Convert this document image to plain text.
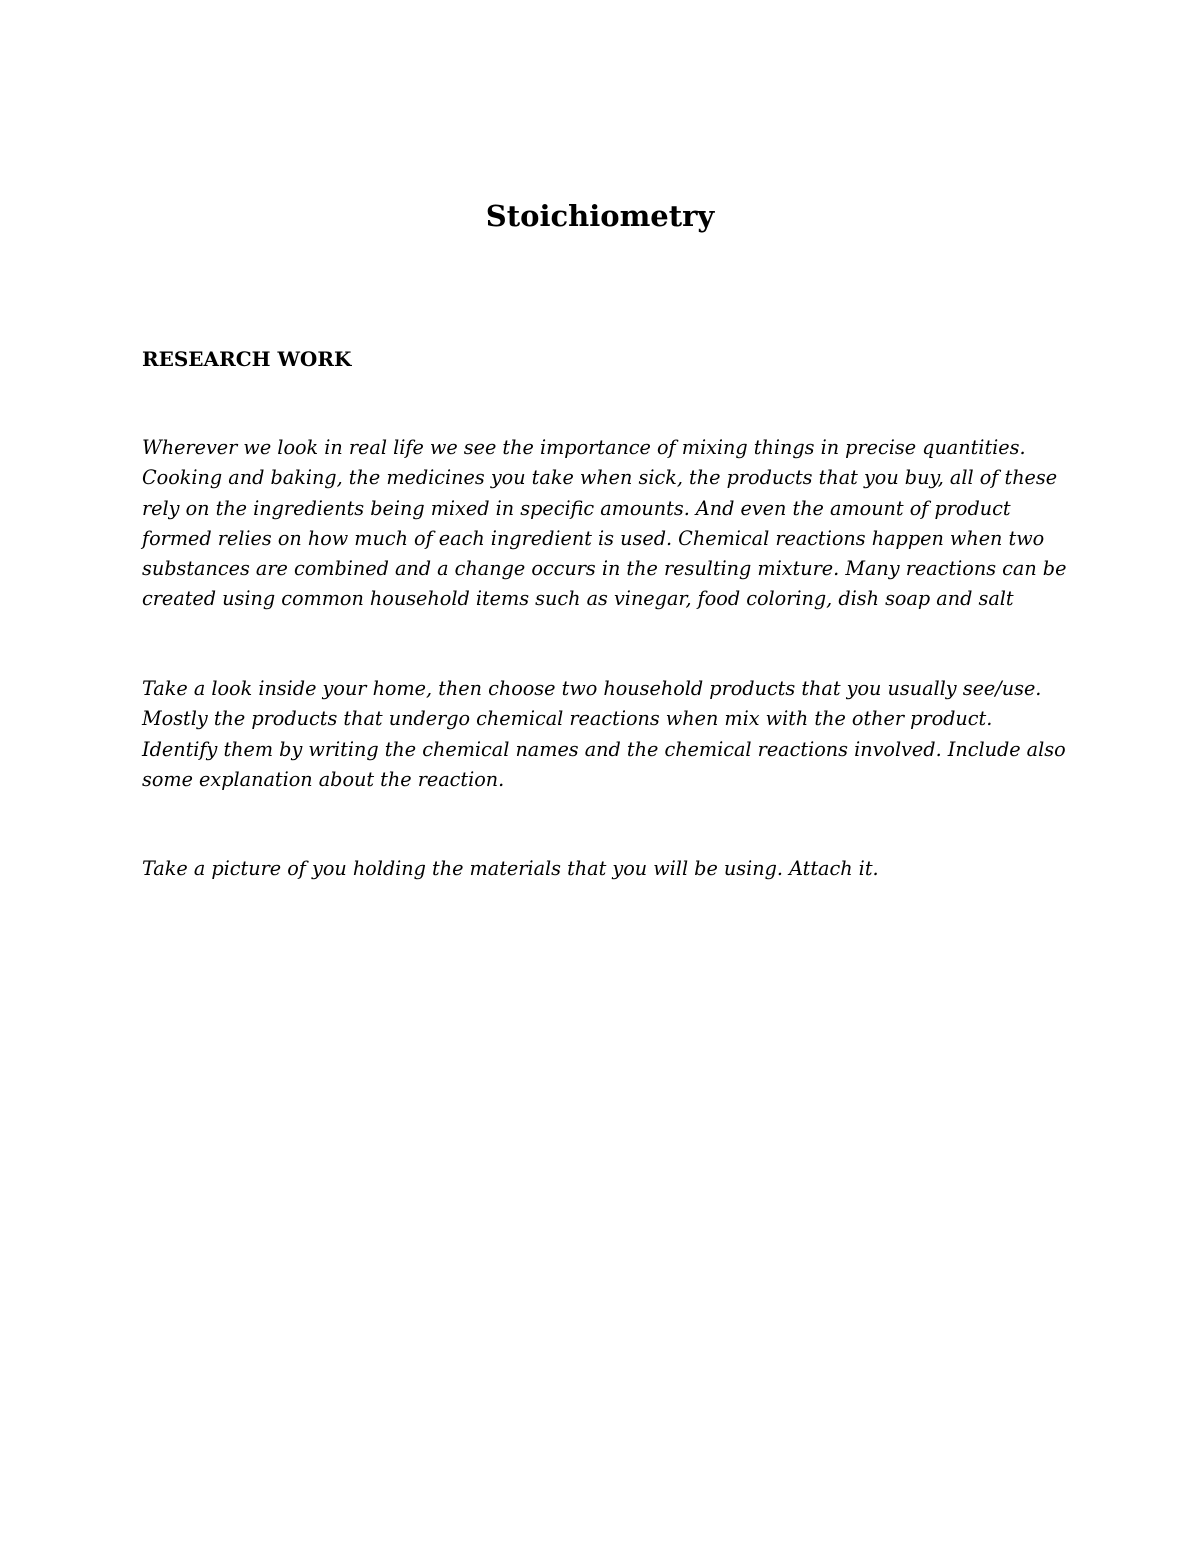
Stoichiometry
RESEARCH WORK

Wherever we look in real life we see the importance of mixing things in precise quantities.
Cooking and baking, the medicines you take when sick, the products that you buy, all of these
rely on the ingredients being mixed in specific amounts. And even the amount of product
formed relies on how much of each ingredient is used. Chemical reactions happen when two
substances are combined and a change occurs in the resulting mixture. Many reactions can be
created using common household items such as vinegar, food coloring, dish soap and salt

Take a look inside your home, then choose two household products that you usually see/use.
Mostly the products that undergo chemical reactions when mix with the other product.
Identify them by writing the chemical names and the chemical reactions involved. Include also
some explanation about the reaction.

Take a picture of you holding the materials that you will be using. Attach it.
